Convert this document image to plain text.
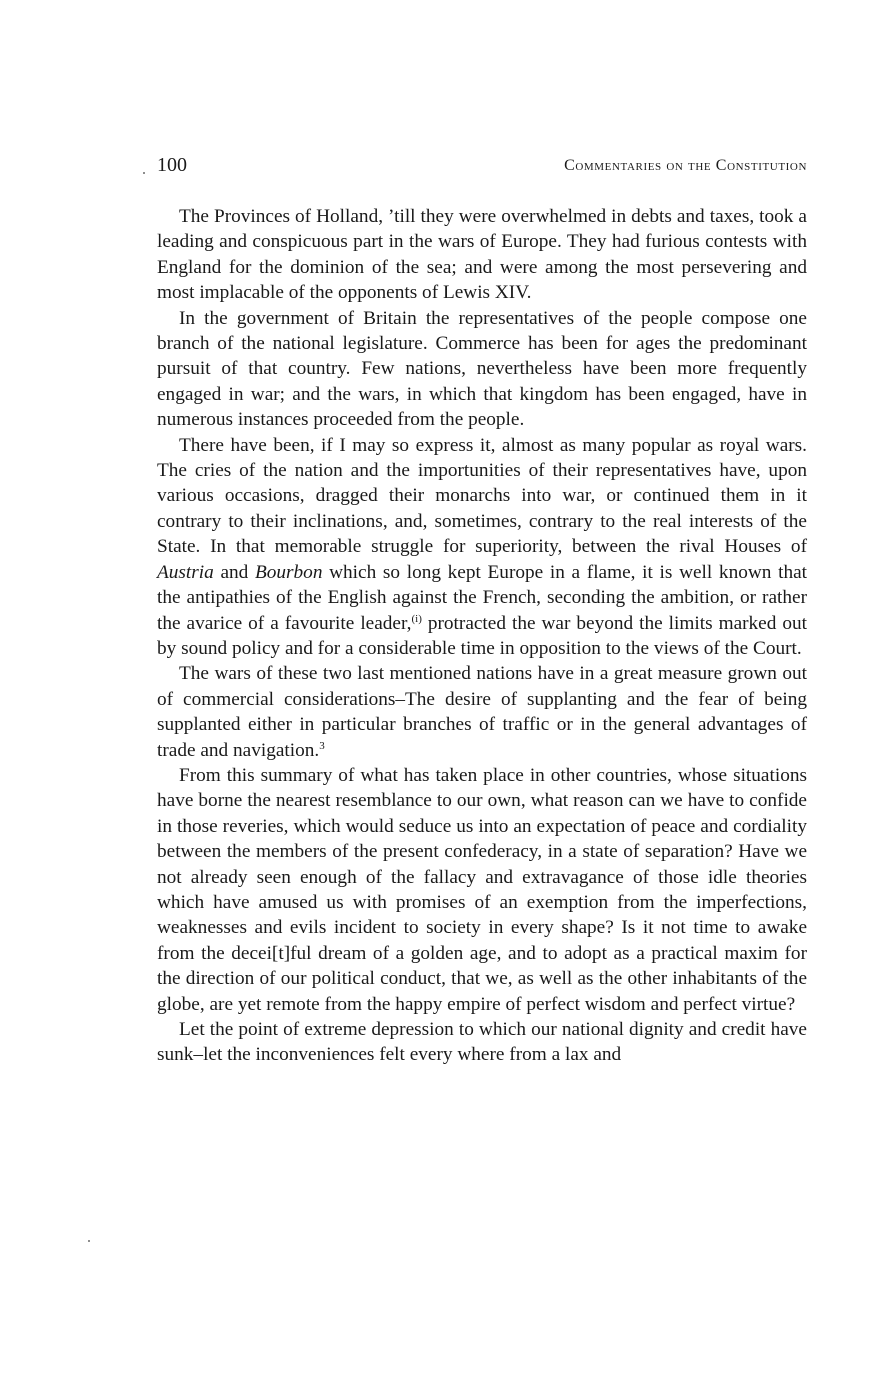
100	Commentaries on the Constitution

The Provinces of Holland, ’till they were overwhelmed in debts and taxes, took a leading and conspicuous part in the wars of Europe. They had furious contests with England for the dominion of the sea; and were among the most persevering and most implacable of the opponents of Lewis XIV.

In the government of Britain the representatives of the people compose one branch of the national legislature. Commerce has been for ages the predominant pursuit of that country. Few nations, nevertheless have been more frequently engaged in war; and the wars, in which that kingdom has been engaged, have in numerous instances proceeded from the people.

There have been, if I may so express it, almost as many popular as royal wars. The cries of the nation and the importunities of their representatives have, upon various occasions, dragged their monarchs into war, or continued them in it contrary to their inclinations, and, sometimes, contrary to the real interests of the State. In that memorable struggle for superiority, between the rival Houses of Austria and Bourbon which so long kept Europe in a flame, it is well known that the antipathies of the English against the French, seconding the ambition, or rather the avarice of a favourite leader,$^{(i)}$ protracted the war beyond the limits marked out by sound policy and for a considerable time in opposition to the views of the Court.

The wars of these two last mentioned nations have in a great measure grown out of commercial considerations–The desire of supplanting and the fear of being supplanted either in particular branches of traffic or in the general advantages of trade and navigation.$^3$

From this summary of what has taken place in other countries, whose situations have borne the nearest resemblance to our own, what reason can we have to confide in those reveries, which would seduce us into an expectation of peace and cordiality between the members of the present confederacy, in a state of separation? Have we not already seen enough of the fallacy and extravagance of those idle theories which have amused us with promises of an exemption from the imperfections, weaknesses and evils incident to society in every shape? Is it not time to awake from the decei[t]ful dream of a golden age, and to adopt as a practical maxim for the direction of our political conduct, that we, as well as the other inhabitants of the globe, are yet remote from the happy empire of perfect wisdom and perfect virtue?

Let the point of extreme depression to which our national dignity and credit have sunk–let the inconveniences felt every where from a lax and
